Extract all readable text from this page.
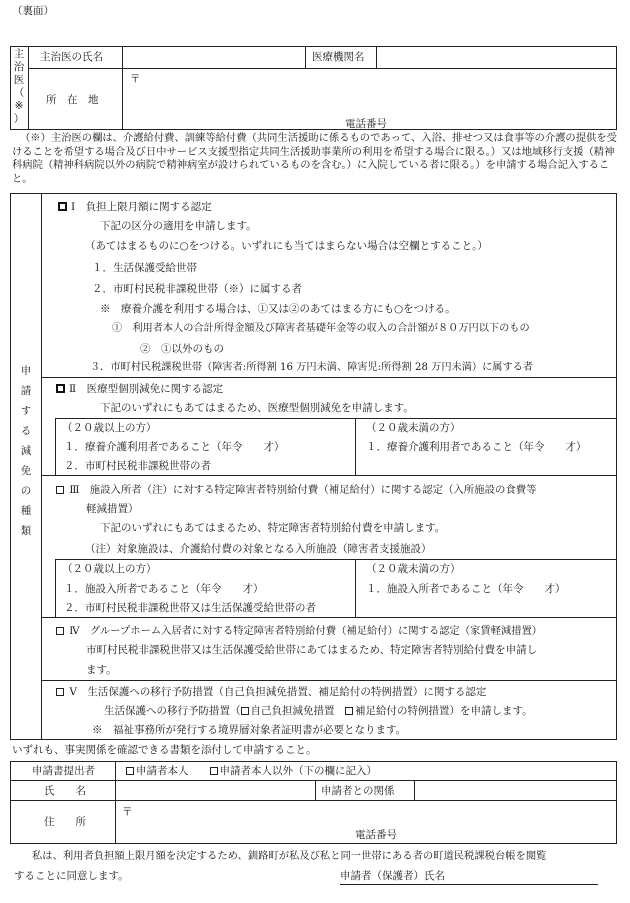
（裏面）
主
治
医
（
※
）
主治医の氏名	医療機関名
所　在　地
〒
電話番号
（※）主治医の欄は、介護給付費、訓練等給付費（共同生活援助に係るものであって、入浴、排せつ又は食事等の介護の提供を受けることを希望する場合及び日中サービス支援型指定共同生活援助事業所の利用を希望する場合に限る。）又は地域移行支援（精神科病院（精神科病院以外の病院で精神病室が設けられているものを含む。）に入院している者に限る。）を申請する場合記入すること。
申
請
す
る
減
免
の
種
類
Ⅰ　負担上限月額に関する認定
下記の区分の適用を申請します。
（あてはまるものに○をつける。いずれにも当てはまらない場合は空欄とすること。）
１．生活保護受給世帯
２．市町村民税非課税世帯（※）に属する者
※　療養介護を利用する場合は、①又は②のあてはまる方にも○をつける。
①　利用者本人の合計所得金額及び障害者基礎年金等の収入の合計額が８０万円以下のもの
②　①以外のもの
３．市町村民税課税世帯（障害者:所得割 16 万円未満、障害児:所得割 28 万円未満）に属する者
Ⅱ　医療型個別減免に関する認定
下記のいずれにもあてはまるため、医療型個別減免を申請します。
（２０歳以上の方）
１．療養介護利用者であること（年令　　才）
２．市町村民税非課税世帯の者
（２０歳未満の方）
１．療養介護利用者であること（年令　　才）
Ⅲ　施設入所者（注）に対する特定障害者特別給付費（補足給付）に関する認定（入所施設の食費等
軽減措置）
下記のいずれにもあてはまるため、特定障害者特別給付費を申請します。
（注）対象施設は、介護給付費の対象となる入所施設（障害者支援施設）
（２０歳以上の方）
１．施設入所者であること（年令　　才）
２．市町村民税非課税世帯又は生活保護受給世帯の者
（２０歳未満の方）
１．施設入所者であること（年令　　才）
Ⅳ　グループホーム入居者に対する特定障害者特別給付費（補足給付）に関する認定（家賃軽減措置）
市町村民税非課税世帯又は生活保護受給世帯にあてはまるため、特定障害者特別給付費を申請し
ます。
Ⅴ　生活保護への移行予防措置（自己負担減免措置、補足給付の特例措置）に関する認定
生活保護への移行予防措置（ 自己負担減免措置　補足給付の特例措置）を申請します。
※　福祉事務所が発行する境界層対象者証明書が必要となります。
いずれも、事実関係を確認できる書類を添付して申請すること。
申請書提出者	申請者本人　　	申請者本人以外（下の欄に記入）
氏　　名	申請者との関係
住　　所
〒
電話番号
私は、利用者負担額上限月額を決定するため、釧路町が私及び私と同一世帯にある者の町道民税課税台帳を閲覧
することに同意します。	申請者（保護者）氏名
